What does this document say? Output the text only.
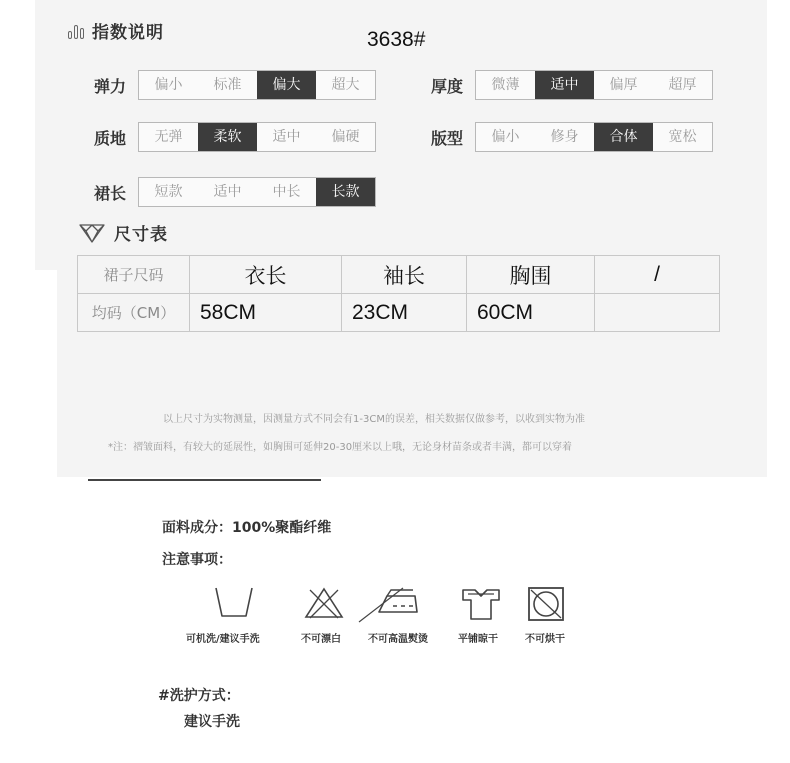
指数说明	3638#
弹力	偏小	标准	偏大	超大	厚度	微薄	适中	偏厚	超厚
质地	无弹	柔软	适中	偏硬	版型	偏小	修身	合体	宽松
裙长	短款	适中	中长	长款
尺寸表
裙子尺码	衣长	袖长	胸围	/
均码（CM）	58CM	23CM	60CM	
以上尺寸为实物测量，因测量方式不同会有1-3CM的误差，相关数据仅做参考，以收到实物为准
*注：褶皱面料，有较大的延展性，如胸围可延伸20-30厘米以上哦，无论身材苗条或者丰满，都可以穿着
面料成分：100%聚酯纤维
注意事项：
可机洗/建议手洗	不可漂白	不可高温熨烫	平铺晾干	不可烘干
#洗护方式：
建议手洗
